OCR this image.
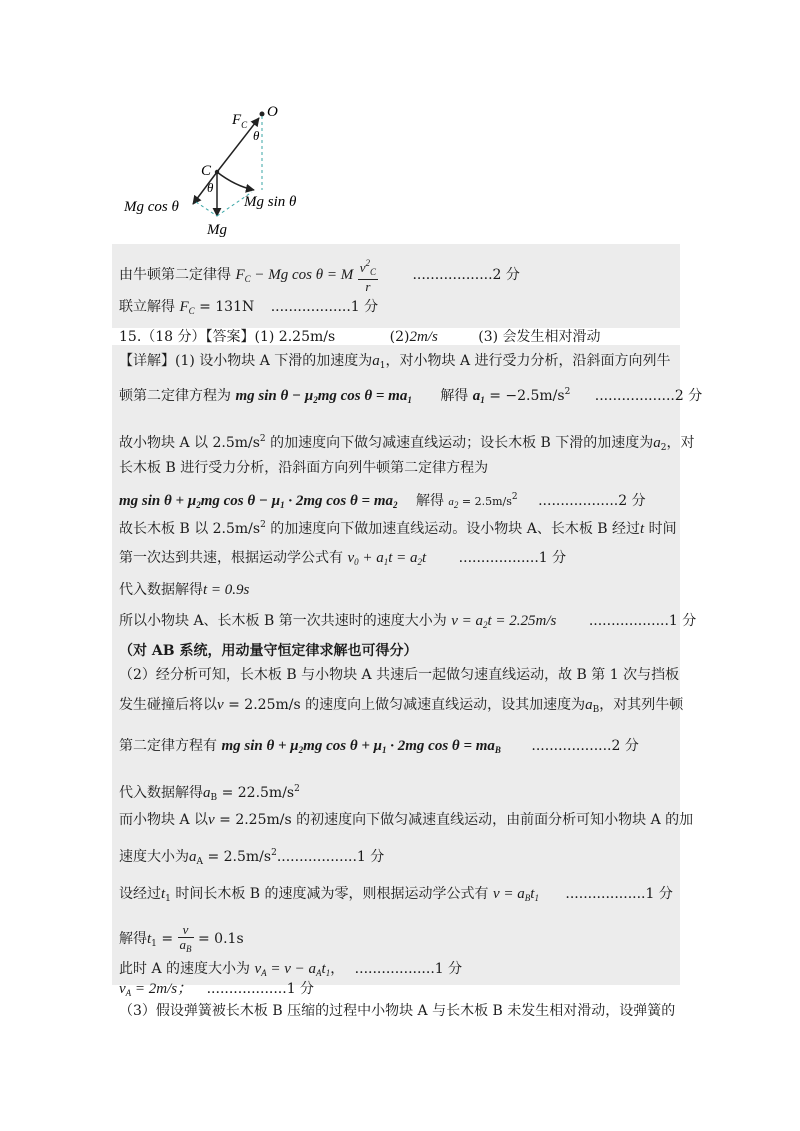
O
$F_C$
θ
C
θ
Mg cos θ	Mg sin θ
Mg
由牛顿第二定律得 $F_C - Mg$ cos θ = M $\frac{v^2_C}{r} ..................2$ 分
联立解得 $F_C = 131N$ ..................1 分
15.（18 分）【答案】(1) 2.25m/s	(2)2m/s	(3) 会发生相对滑动
【详解】(1) 设小物块 A 下滑的加速度为$a_1$，对小物块 A 进行受力分析，沿斜面方向列牛
顿第二定律方程为 mg $\sin \theta - \mu_2mg$ $\cos \theta = ma_1$ 解得 $a_1 = -2.5m/s^2$ ..................2 分
故小物块 A 以 $2.5m/s^2$ 的加速度向下做匀减速直线运动；设长木板 B 下滑的加速度为$a_2$，对
长木板 B 进行受力分析，沿斜面方向列牛顿第二定律方程为
mg $\sin \theta + \mu_2mg$ $\cos \theta - \mu_1 \cdot 2mg$ $\cos \theta = ma_2$ 解得 $a_2 = 2.5m/s^2$ ..................2 分
故长木板 B 以 $2.5m/s^2$ 的加速度向下做加速直线运动。设小物块 A、长木板 B 经过t 时间
第一次达到共速，根据运动学公式有 $v_0 + a_1t = a_2t$ ..................1 分
代入数据解得t = 0.9s
所以小物块 A、长木板 B 第一次共速时的速度大小为 $v = a_2t = 2.25m/s$ ..................1 分
（对 AB 系统，用动量守恒定律求解也可得分）
（2）经分析可知，长木板 B 与小物块 A 共速后一起做匀速直线运动，故 B 第 1 次与挡板
发生碰撞后将以v = 2.25m/s 的速度向上做匀减速直线运动，设其加速度为$a_B$，对其列牛顿
第二定律方程有 mg $\sin \theta + \mu_2mg$ $\cos \theta + \mu_1 \cdot 2mg$ $\cos \theta = ma_B$ ..................2 分
代入数据解得$a_B = 22.5m/s^2$
而小物块 A 以v = 2.25m/s 的初速度向下做匀减速直线运动，由前面分析可知小物块 A 的加
速度大小为$a_A = 2.5m/s^2..................1$ 分
设经过$t_1$ 时间长木板 B 的速度减为零，则根据运动学公式有 $v = a_Bt_1$ ..................1 分
解得$t_1 = \frac{v}{a_B} = 0.1s$
此时 A 的速度大小为 $v_A = v - a_At_1$， ..................1 分
$v_A = 2m/s$； ..................1 分
（3）假设弹簧被长木板 B 压缩的过程中小物块 A 与长木板 B 未发生相对滑动，设弹簧的
